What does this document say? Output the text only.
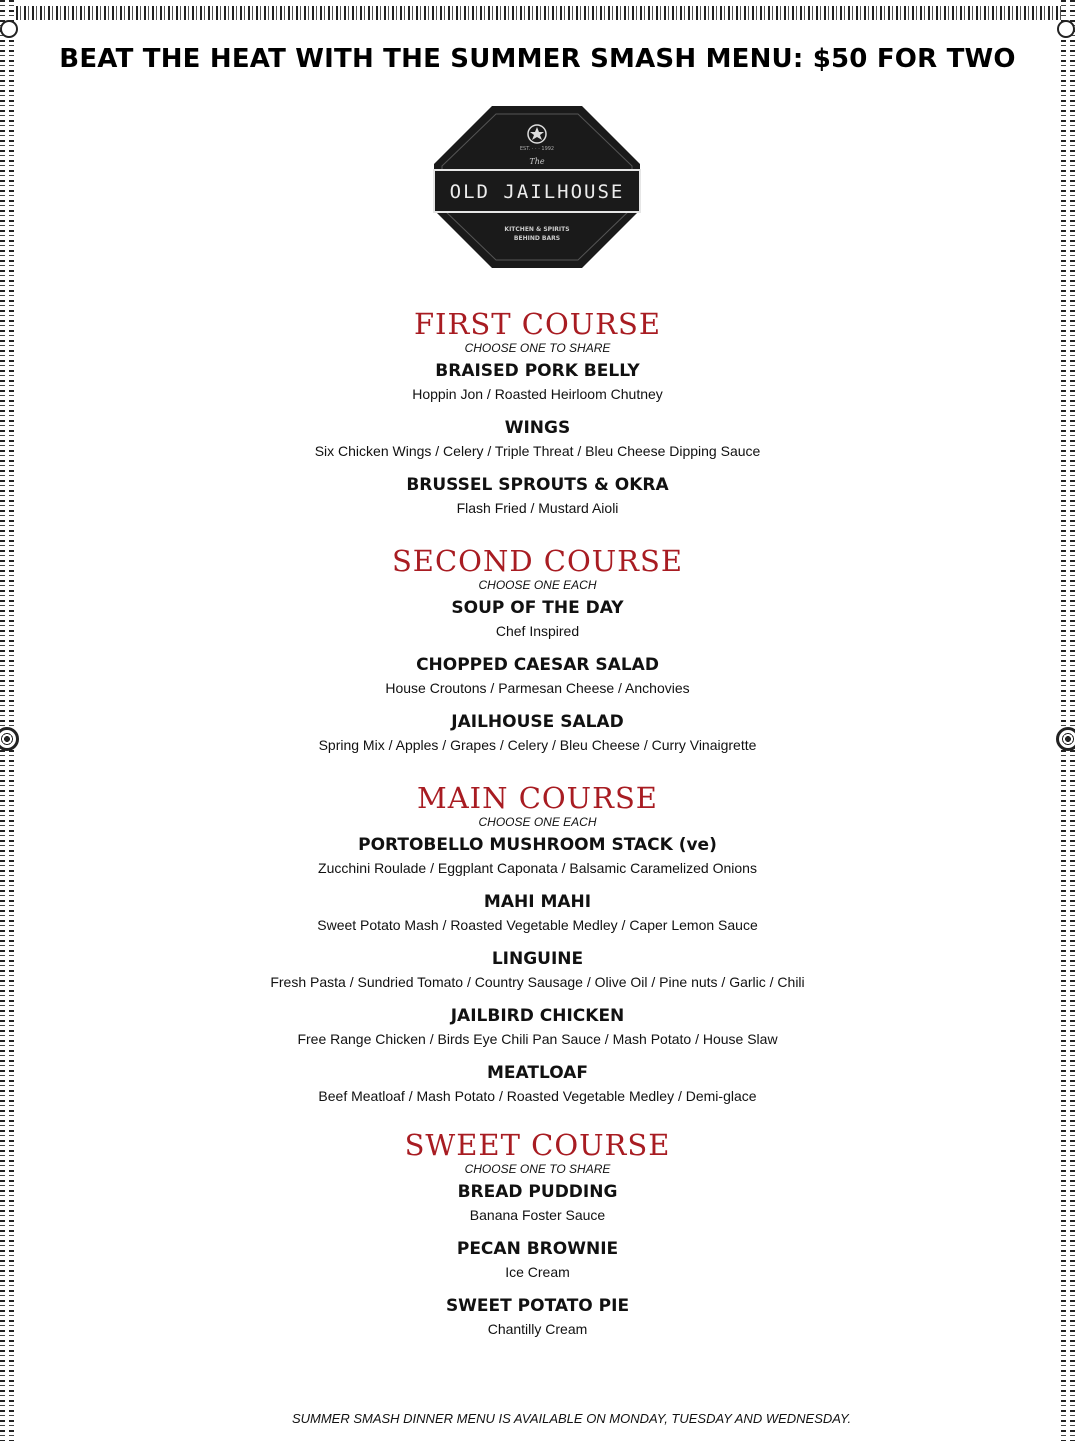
BEAT THE HEAT WITH THE SUMMER SMASH MENU: $50 FOR TWO
EST. · · · 1992
The
OLD JAILHOUSE
KITCHEN & SPIRITS
BEHIND BARS
FIRST COURSE
CHOOSE ONE TO SHARE
BRAISED PORK BELLY
Hoppin Jon / Roasted Heirloom Chutney
WINGS
Six Chicken Wings / Celery / Triple Threat / Bleu Cheese Dipping Sauce
BRUSSEL SPROUTS & OKRA
Flash Fried / Mustard Aioli
SECOND COURSE
CHOOSE ONE EACH
SOUP OF THE DAY
Chef Inspired
CHOPPED CAESAR SALAD
House Croutons / Parmesan Cheese / Anchovies
JAILHOUSE SALAD
Spring Mix / Apples / Grapes / Celery / Bleu Cheese / Curry Vinaigrette
MAIN COURSE
CHOOSE ONE EACH
PORTOBELLO MUSHROOM STACK (ve)
Zucchini Roulade / Eggplant Caponata / Balsamic Caramelized Onions
MAHI MAHI
Sweet Potato Mash / Roasted Vegetable Medley / Caper Lemon Sauce
LINGUINE
Fresh Pasta / Sundried Tomato / Country Sausage / Olive Oil / Pine nuts / Garlic / Chili
JAILBIRD CHICKEN
Free Range Chicken / Birds Eye Chili Pan Sauce / Mash Potato / House Slaw
MEATLOAF
Beef Meatloaf / Mash Potato / Roasted Vegetable Medley / Demi-glace
SWEET COURSE
CHOOSE ONE TO SHARE
BREAD PUDDING
Banana Foster Sauce
PECAN BROWNIE
Ice Cream
SWEET POTATO PIE
Chantilly Cream
SUMMER SMASH DINNER MENU IS AVAILABLE ON MONDAY, TUESDAY AND WEDNESDAY.
